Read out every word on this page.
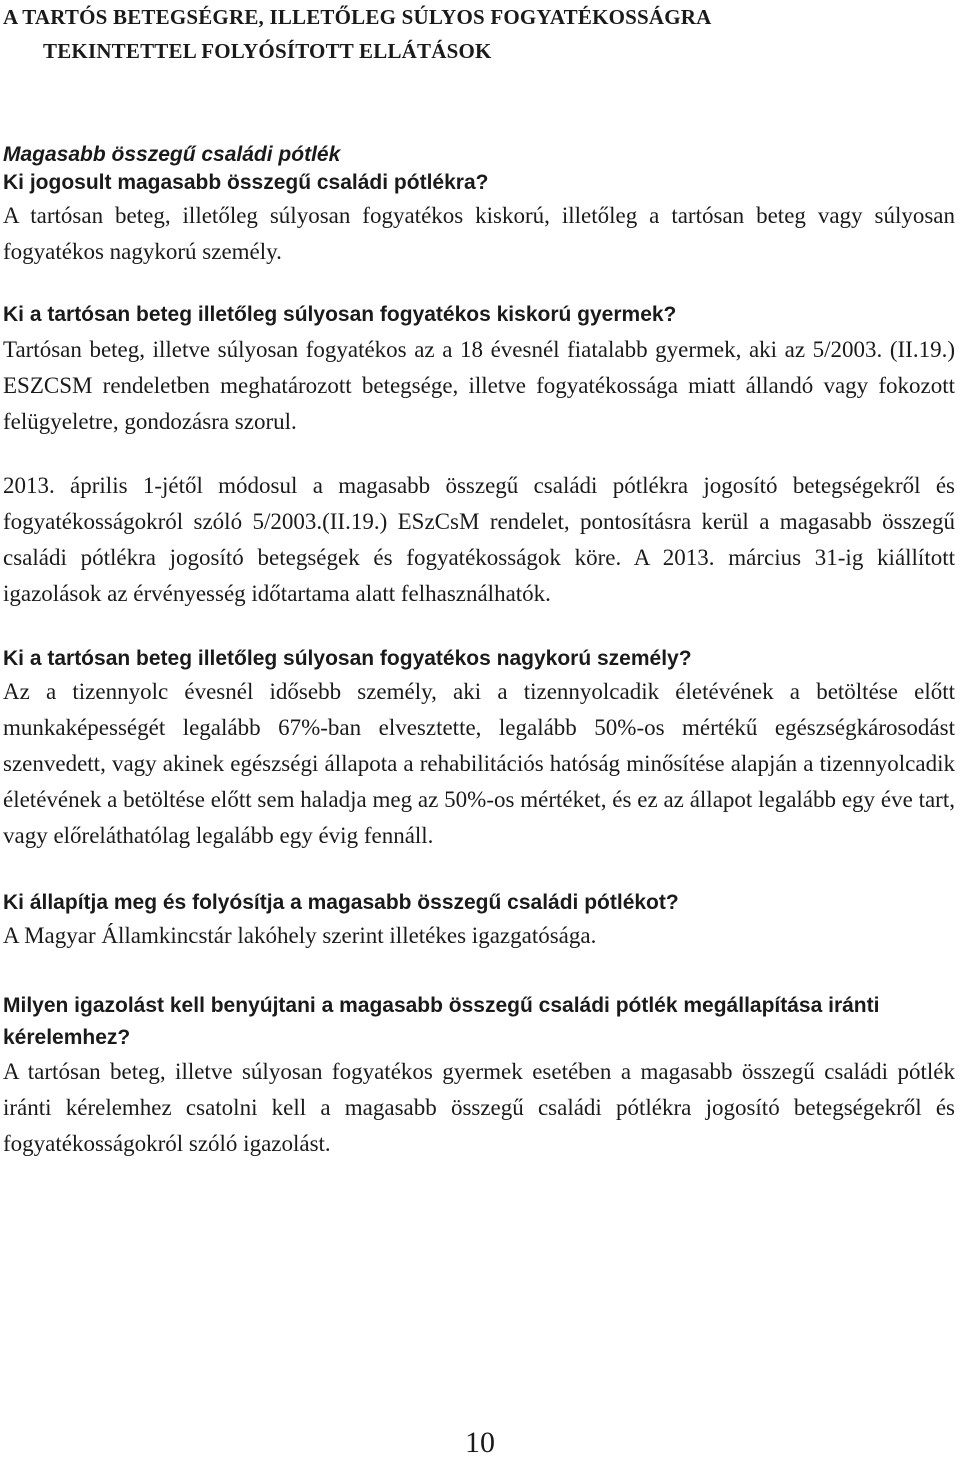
A TARTÓS BETEGSÉGRE, ILLETŐLEG SÚLYOS FOGYATÉKOSSÁGRA
TEKINTETTEL FOLYÓSÍTOTT ELLÁTÁSOK
Magasabb összegű családi pótlék
Ki jogosult magasabb összegű családi pótlékra?

A tartósan beteg, illetőleg súlyosan fogyatékos kiskorú, illetőleg a tartósan beteg vagy súlyosan fogyatékos nagykorú személy.

Ki a tartósan beteg illetőleg súlyosan fogyatékos kiskorú gyermek?

Tartósan beteg, illetve súlyosan fogyatékos az a 18 évesnél fiatalabb gyermek, aki az 5/2003. (II.19.) ESZCSM rendeletben meghatározott betegsége, illetve fogyatékossága miatt állandó vagy fokozott felügyeletre, gondozásra szorul.

2013. április 1-jétől módosul a magasabb összegű családi pótlékra jogosító betegségekről és fogyatékosságokról szóló 5/2003.(II.19.) ESzCsM rendelet, pontosításra kerül a magasabb összegű családi pótlékra jogosító betegségek és fogyatékosságok köre. A 2013. március 31-ig kiállított igazolások az érvényesség időtartama alatt felhasználhatók.

Ki a tartósan beteg illetőleg súlyosan fogyatékos nagykorú személy?

Az a tizennyolc évesnél idősebb személy, aki a tizennyolcadik életévének a betöltése előtt munkaképességét legalább 67%-ban elvesztette, legalább 50%-os mértékű egészségkárosodást szenvedett, vagy akinek egészségi állapota a rehabilitációs hatóság minősítése alapján a tizennyolcadik életévének a betöltése előtt sem haladja meg az 50%-os mértéket, és ez az állapot legalább egy éve tart, vagy előreláthatólag legalább egy évig fennáll.

Ki állapítja meg és folyósítja a magasabb összegű családi pótlékot?

A Magyar Államkincstár lakóhely szerint illetékes igazgatósága.

Milyen igazolást kell benyújtani a magasabb összegű családi pótlék megállapítása iránti kérelemhez?

A tartósan beteg, illetve súlyosan fogyatékos gyermek esetében a magasabb összegű családi pótlék iránti kérelemhez csatolni kell a magasabb összegű családi pótlékra jogosító betegségekről és fogyatékosságokról szóló igazolást.

10
